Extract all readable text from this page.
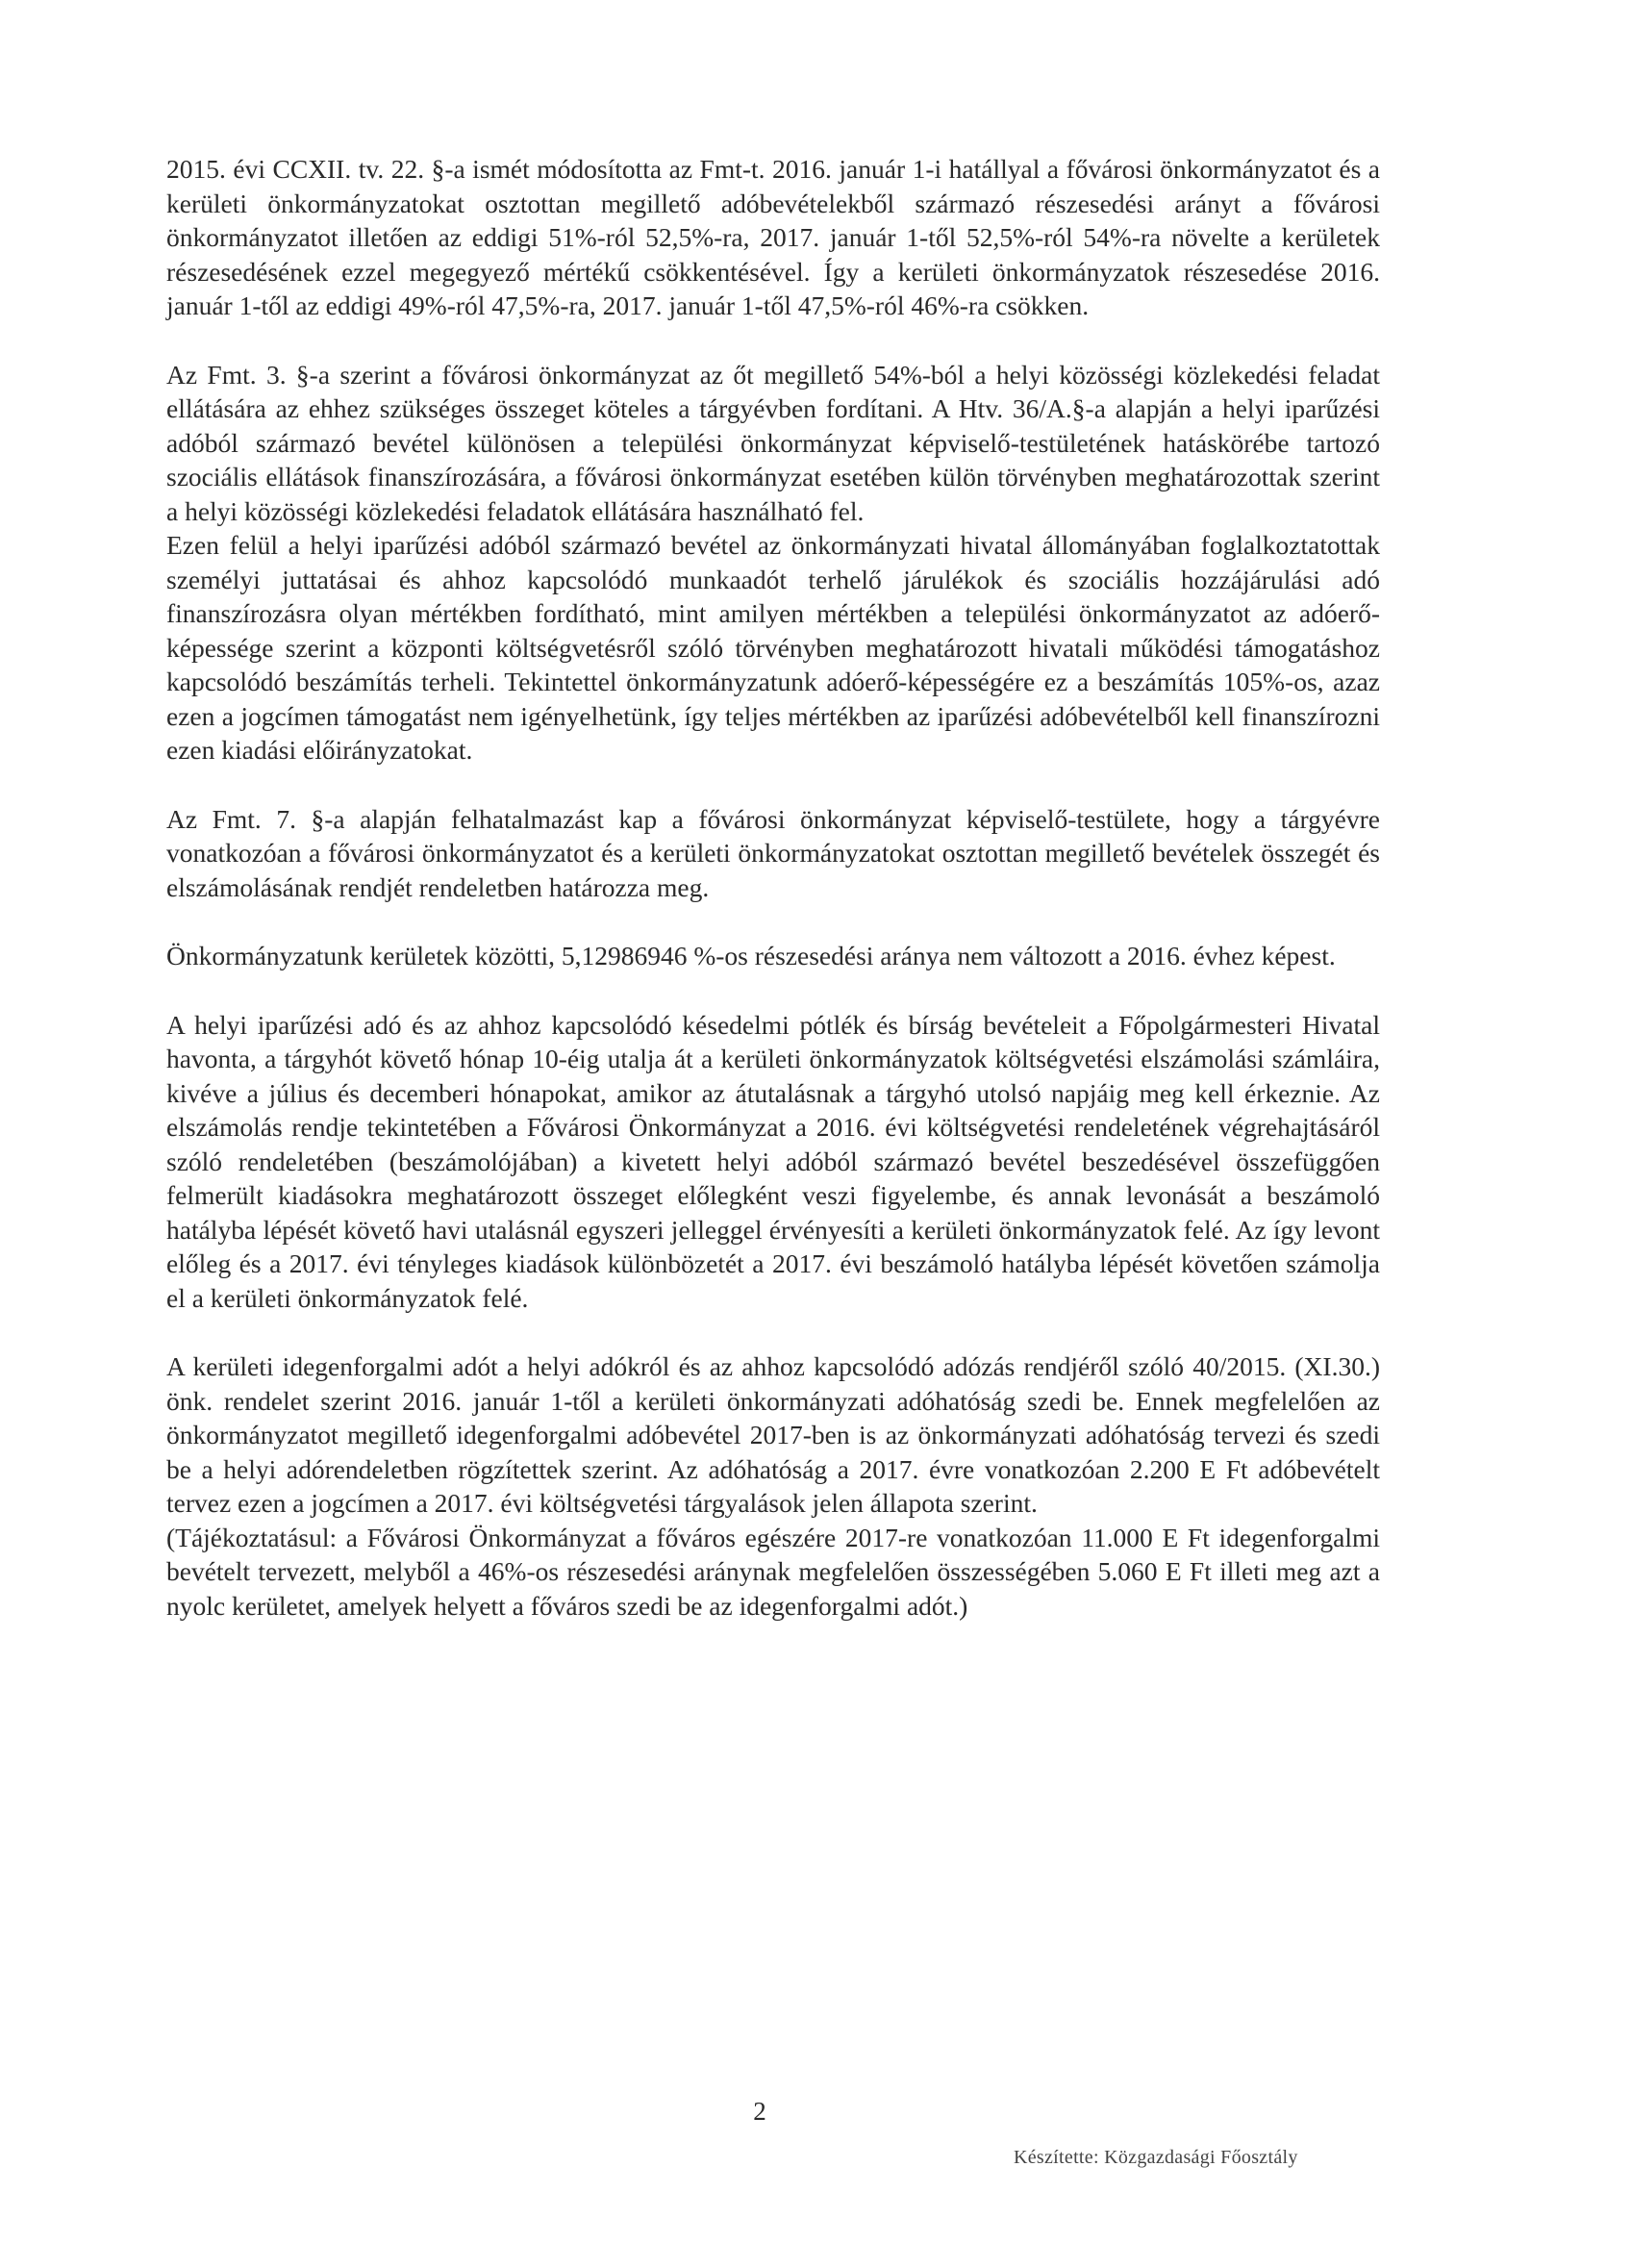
2015. évi CCXII. tv. 22. §-a ismét módosította az Fmt-t. 2016. január 1-i hatállyal a fővárosi önkormányzatot és a kerületi önkormányzatokat osztottan megillető adóbevételekből származó részesedési arányt a fővárosi önkormányzatot illetően az eddigi 51%-ról 52,5%-ra, 2017. január 1-től 52,5%-ról 54%-ra növelte a kerületek részesedésének ezzel megegyező mértékű csökkentésével. Így a kerületi önkormányzatok részesedése 2016. január 1-től az eddigi 49%-ról 47,5%-ra, 2017. január 1-től 47,5%-ról 46%-ra csökken.

Az Fmt. 3. §-a szerint a fővárosi önkormányzat az őt megillető 54%-ból a helyi közösségi közlekedési feladat ellátására az ehhez szükséges összeget köteles a tárgyévben fordítani. A Htv. 36/A.§-a alapján a helyi iparűzési adóból származó bevétel különösen a települési önkormányzat képviselő-testületének hatáskörébe tartozó szociális ellátások finanszírozására, a fővárosi önkormányzat esetében külön törvényben meghatározottak szerint a helyi közösségi közlekedési feladatok ellátására használható fel.

Ezen felül a helyi iparűzési adóból származó bevétel az önkormányzati hivatal állományában foglalkoztatottak személyi juttatásai és ahhoz kapcsolódó munkaadót terhelő járulékok és szociális hozzájárulási adó finanszírozásra olyan mértékben fordítható, mint amilyen mértékben a települési önkormányzatot az adóerő-képessége szerint a központi költségvetésről szóló törvényben meghatározott hivatali működési támogatáshoz kapcsolódó beszámítás terheli. Tekintettel önkormányzatunk adóerő-képességére ez a beszámítás 105%-os, azaz ezen a jogcímen támogatást nem igényelhetünk, így teljes mértékben az iparűzési adóbevételből kell finanszírozni ezen kiadási előirányzatokat.

Az Fmt. 7. §-a alapján felhatalmazást kap a fővárosi önkormányzat képviselő-testülete, hogy a tárgyévre vonatkozóan a fővárosi önkormányzatot és a kerületi önkormányzatokat osztottan megillető bevételek összegét és elszámolásának rendjét rendeletben határozza meg.

Önkormányzatunk kerületek közötti, 5,12986946 %-os részesedési aránya nem változott a 2016. évhez képest.

A helyi iparűzési adó és az ahhoz kapcsolódó késedelmi pótlék és bírság bevételeit a Főpolgármesteri Hivatal havonta, a tárgyhót követő hónap 10-éig utalja át a kerületi önkormányzatok költségvetési elszámolási számláira, kivéve a július és decemberi hónapokat, amikor az átutalásnak a tárgyhó utolsó napjáig meg kell érkeznie. Az elszámolás rendje tekintetében a Fővárosi Önkormányzat a 2016. évi költségvetési rendeletének végrehajtásáról szóló rendeletében (beszámolójában) a kivetett helyi adóból származó bevétel beszedésével összefüggően felmerült kiadásokra meghatározott összeget előlegként veszi figyelembe, és annak levonását a beszámoló hatályba lépését követő havi utalásnál egyszeri jelleggel érvényesíti a kerületi önkormányzatok felé. Az így levont előleg és a 2017. évi tényleges kiadások különbözetét a 2017. évi beszámoló hatályba lépését követően számolja el a kerületi önkormányzatok felé.

A kerületi idegenforgalmi adót a helyi adókról és az ahhoz kapcsolódó adózás rendjéről szóló 40/2015. (XI.30.) önk. rendelet szerint 2016. január 1-től a kerületi önkormányzati adóhatóság szedi be. Ennek megfelelően az önkormányzatot megillető idegenforgalmi adóbevétel 2017-ben is az önkormányzati adóhatóság tervezi és szedi be a helyi adórendeletben rögzítettek szerint. Az adóhatóság a 2017. évre vonatkozóan 2.200 E Ft adóbevételt tervez ezen a jogcímen a 2017. évi költségvetési tárgyalások jelen állapota szerint.

(Tájékoztatásul: a Fővárosi Önkormányzat a főváros egészére 2017-re vonatkozóan 11.000 E Ft idegenforgalmi bevételt tervezett, melyből a 46%-os részesedési aránynak megfelelően összességében 5.060 E Ft illeti meg azt a nyolc kerületet, amelyek helyett a főváros szedi be az idegenforgalmi adót.)

2
Készítette: Közgazdasági Főosztály
